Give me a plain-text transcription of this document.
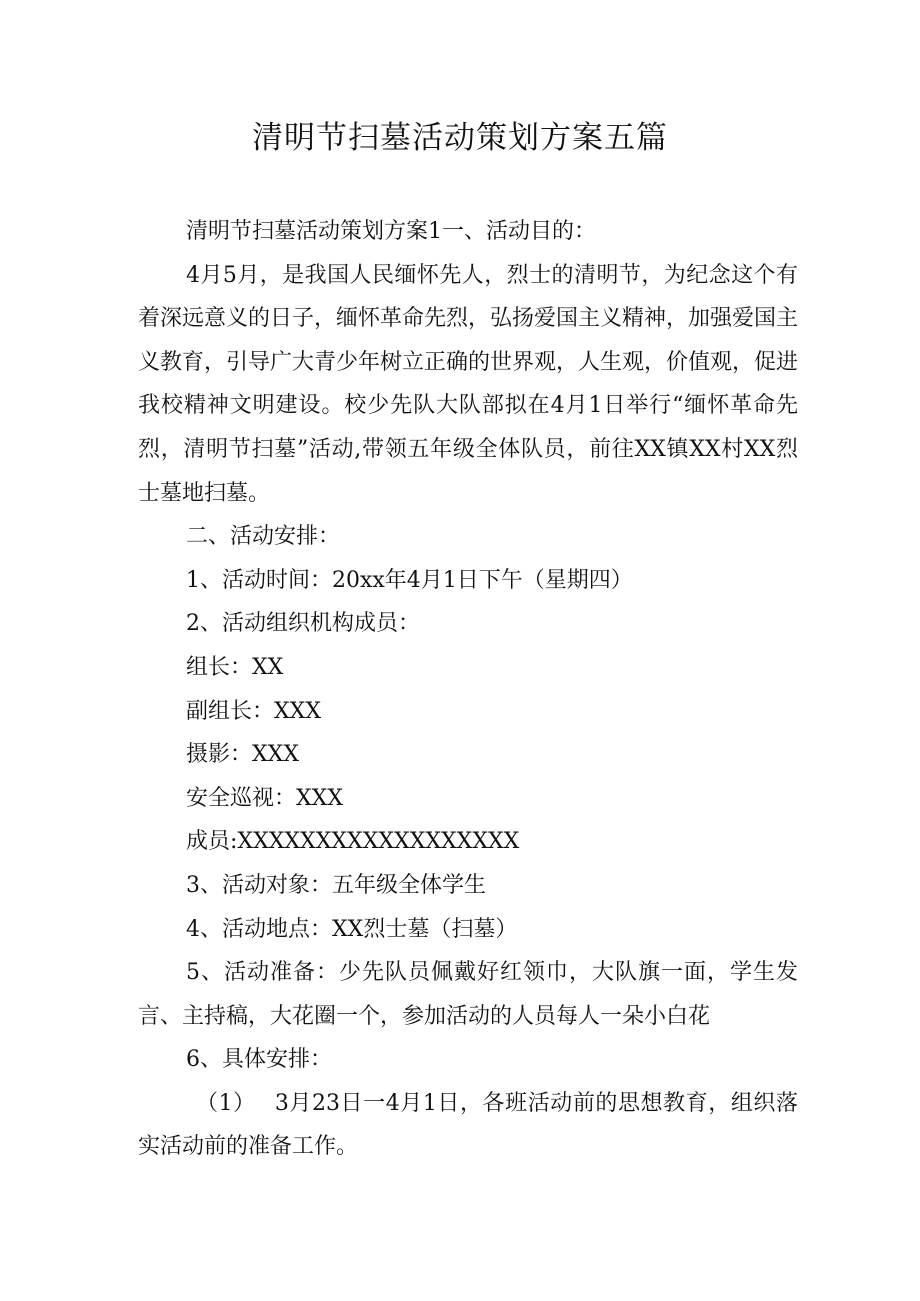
清明节扫墓活动策划方案五篇

清明节扫墓活动策划方案1一、活动目的：

4月5月，是我国人民缅怀先人，烈士的清明节，为纪念这个有着深远意义的日子，缅怀革命先烈，弘扬爱国主义精神，加强爱国主义教育，引导广大青少年树立正确的世界观，人生观，价值观，促进我校精神文明建设。校少先队大队部拟在4月1日举行“缅怀革命先烈，清明节扫墓”活动,带领五年级全体队员，前往XX镇XX村XX烈士墓地扫墓。

二、活动安排：

1、活动时间：20xx年4月1日下午（星期四）

2、活动组织机构成员：

组长：XX

副组长：XXX

摄影：XXX

安全巡视：XXX

成员:XXXXXXXXXXXXXXXXXX

3、活动对象：五年级全体学生

4、活动地点：XX烈士墓（扫墓）

5、活动准备：少先队员佩戴好红领巾，大队旗一面，学生发言、主持稿，大花圈一个，参加活动的人员每人一朵小白花

6、具体安排：

（1）　 3月23日一4月1日，各班活动前的思想教育，组织落实活动前的准备工作。
